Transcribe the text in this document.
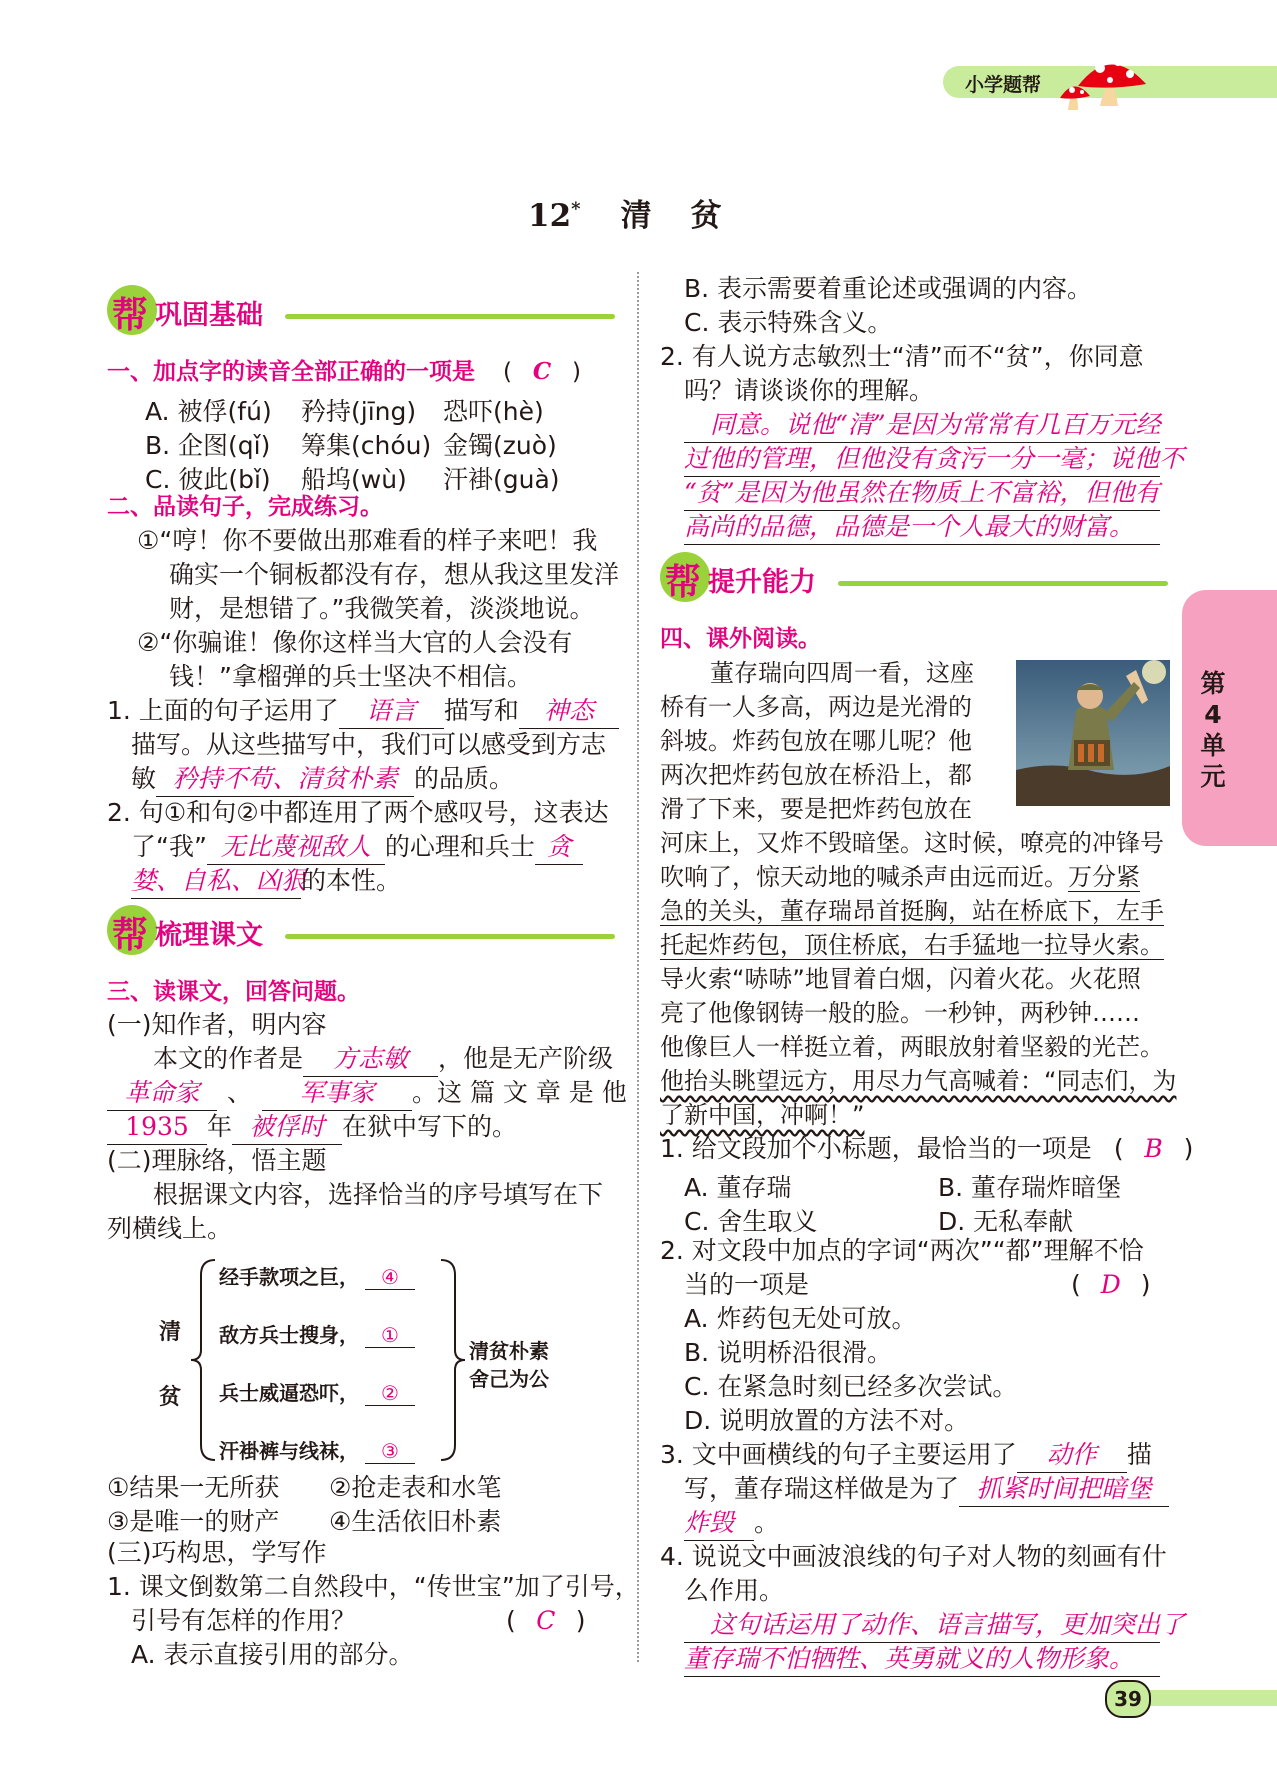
小学题帮
12* 清　贫
第
4
单
元
39
帮 巩固基础
一、加点字的读音全部正确的一项是 ( C )
A. 被俘(fú) 矜持(jīng) 恐吓(hè)
B. 企图(qǐ) 筹集(chóu) 金镯(zuò)
C. 彼此(bǐ) 船坞(wù) 汗褂(guà)
二、品读句子，完成练习。
①“哼！你不要做出那难看的样子来吧！我
确实一个铜板都没有存，想从我这里发洋
财，是想错了。”我微笑着，淡淡地说。
②“你骗谁！像你这样当大官的人会没有
钱！”拿榴弹的兵士坚决不相信。
1. 上面的句子运用了 语言 描写和 神态
描写。从这些描写中，我们可以感受到方志
敏 矜持不苟、清贫朴素 的品质。
2. 句①和句②中都连用了两个感叹号，这表达
了“我” 无比蔑视敌人 的心理和兵士 贪
婪、自私、凶狠的本性。
帮 梳理课文
三、读课文，回答问题。
(一)知作者，明内容
本文的作者是 方志敏 ，他是无产阶级
革命家 、 军事家 。这 篇 文 章 是 他
1935 年 被俘时 在狱中写下的。
(二)理脉络，悟主题
根据课文内容，选择恰当的序号填写在下
列横线上。
清
贫
经手款项之巨， ④
敌方兵士搜身， ①
兵士威逼恐吓， ②
汗褂裤与线袜， ③
清贫朴素
舍己为公
①结果一无所获 ②抢走表和水笔
③是唯一的财产 ④生活依旧朴素
(三)巧构思，学写作
1. 课文倒数第二自然段中，“传世宝”加了引号，
引号有怎样的作用？	( C )
A. 表示直接引用的部分。
B. 表示需要着重论述或强调的内容。
C. 表示特殊含义。
2. 有人说方志敏烈士“清”而不“贫”，你同意
吗？请谈谈你的理解。
同意。说他“清”是因为常常有几百万元经
过他的管理，但他没有贪污一分一毫；说他不
“贫”是因为他虽然在物质上不富裕，但他有
高尚的品德，品德是一个人最大的财富。
帮 提升能力
四、课外阅读。
董存瑞向四周一看，这座
桥有一人多高，两边是光滑的
斜坡。炸药包放在哪儿呢？他
两次把炸药包放在桥沿上，都
滑了下来，要是把炸药包放在
河床上，又炸不毁暗堡。这时候，嘹亮的冲锋号
吹响了，惊天动地的喊杀声由远而近。万分紧
急的关头，董存瑞昂首挺胸，站在桥底下，左手
托起炸药包，顶住桥底，右手猛地一拉导火索。
导火索“哧哧”地冒着白烟，闪着火花。火花照
亮了他像钢铸一般的脸。一秒钟，两秒钟……
他像巨人一样挺立着，两眼放射着坚毅的光芒。
他抬头眺望远方，用尽力气高喊着：“同志们，为
了新中国，冲啊！”
1. 给文段加个小标题，最恰当的一项是 ( B )
A. 董存瑞	B. 董存瑞炸暗堡
C. 舍生取义	D. 无私奉献
2. 对文段中加点的字词“两次”“都”理解不恰
当的一项是	( D )
A. 炸药包无处可放。
B. 说明桥沿很滑。
C. 在紧急时刻已经多次尝试。
D. 说明放置的方法不对。
3. 文中画横线的句子主要运用了 动作 描
写，董存瑞这样做是为了 抓紧时间把暗堡
炸毁 。
4. 说说文中画波浪线的句子对人物的刻画有什
么作用。
这句话运用了动作、语言描写，更加突出了
董存瑞不怕牺牲、英勇就义的人物形象。
